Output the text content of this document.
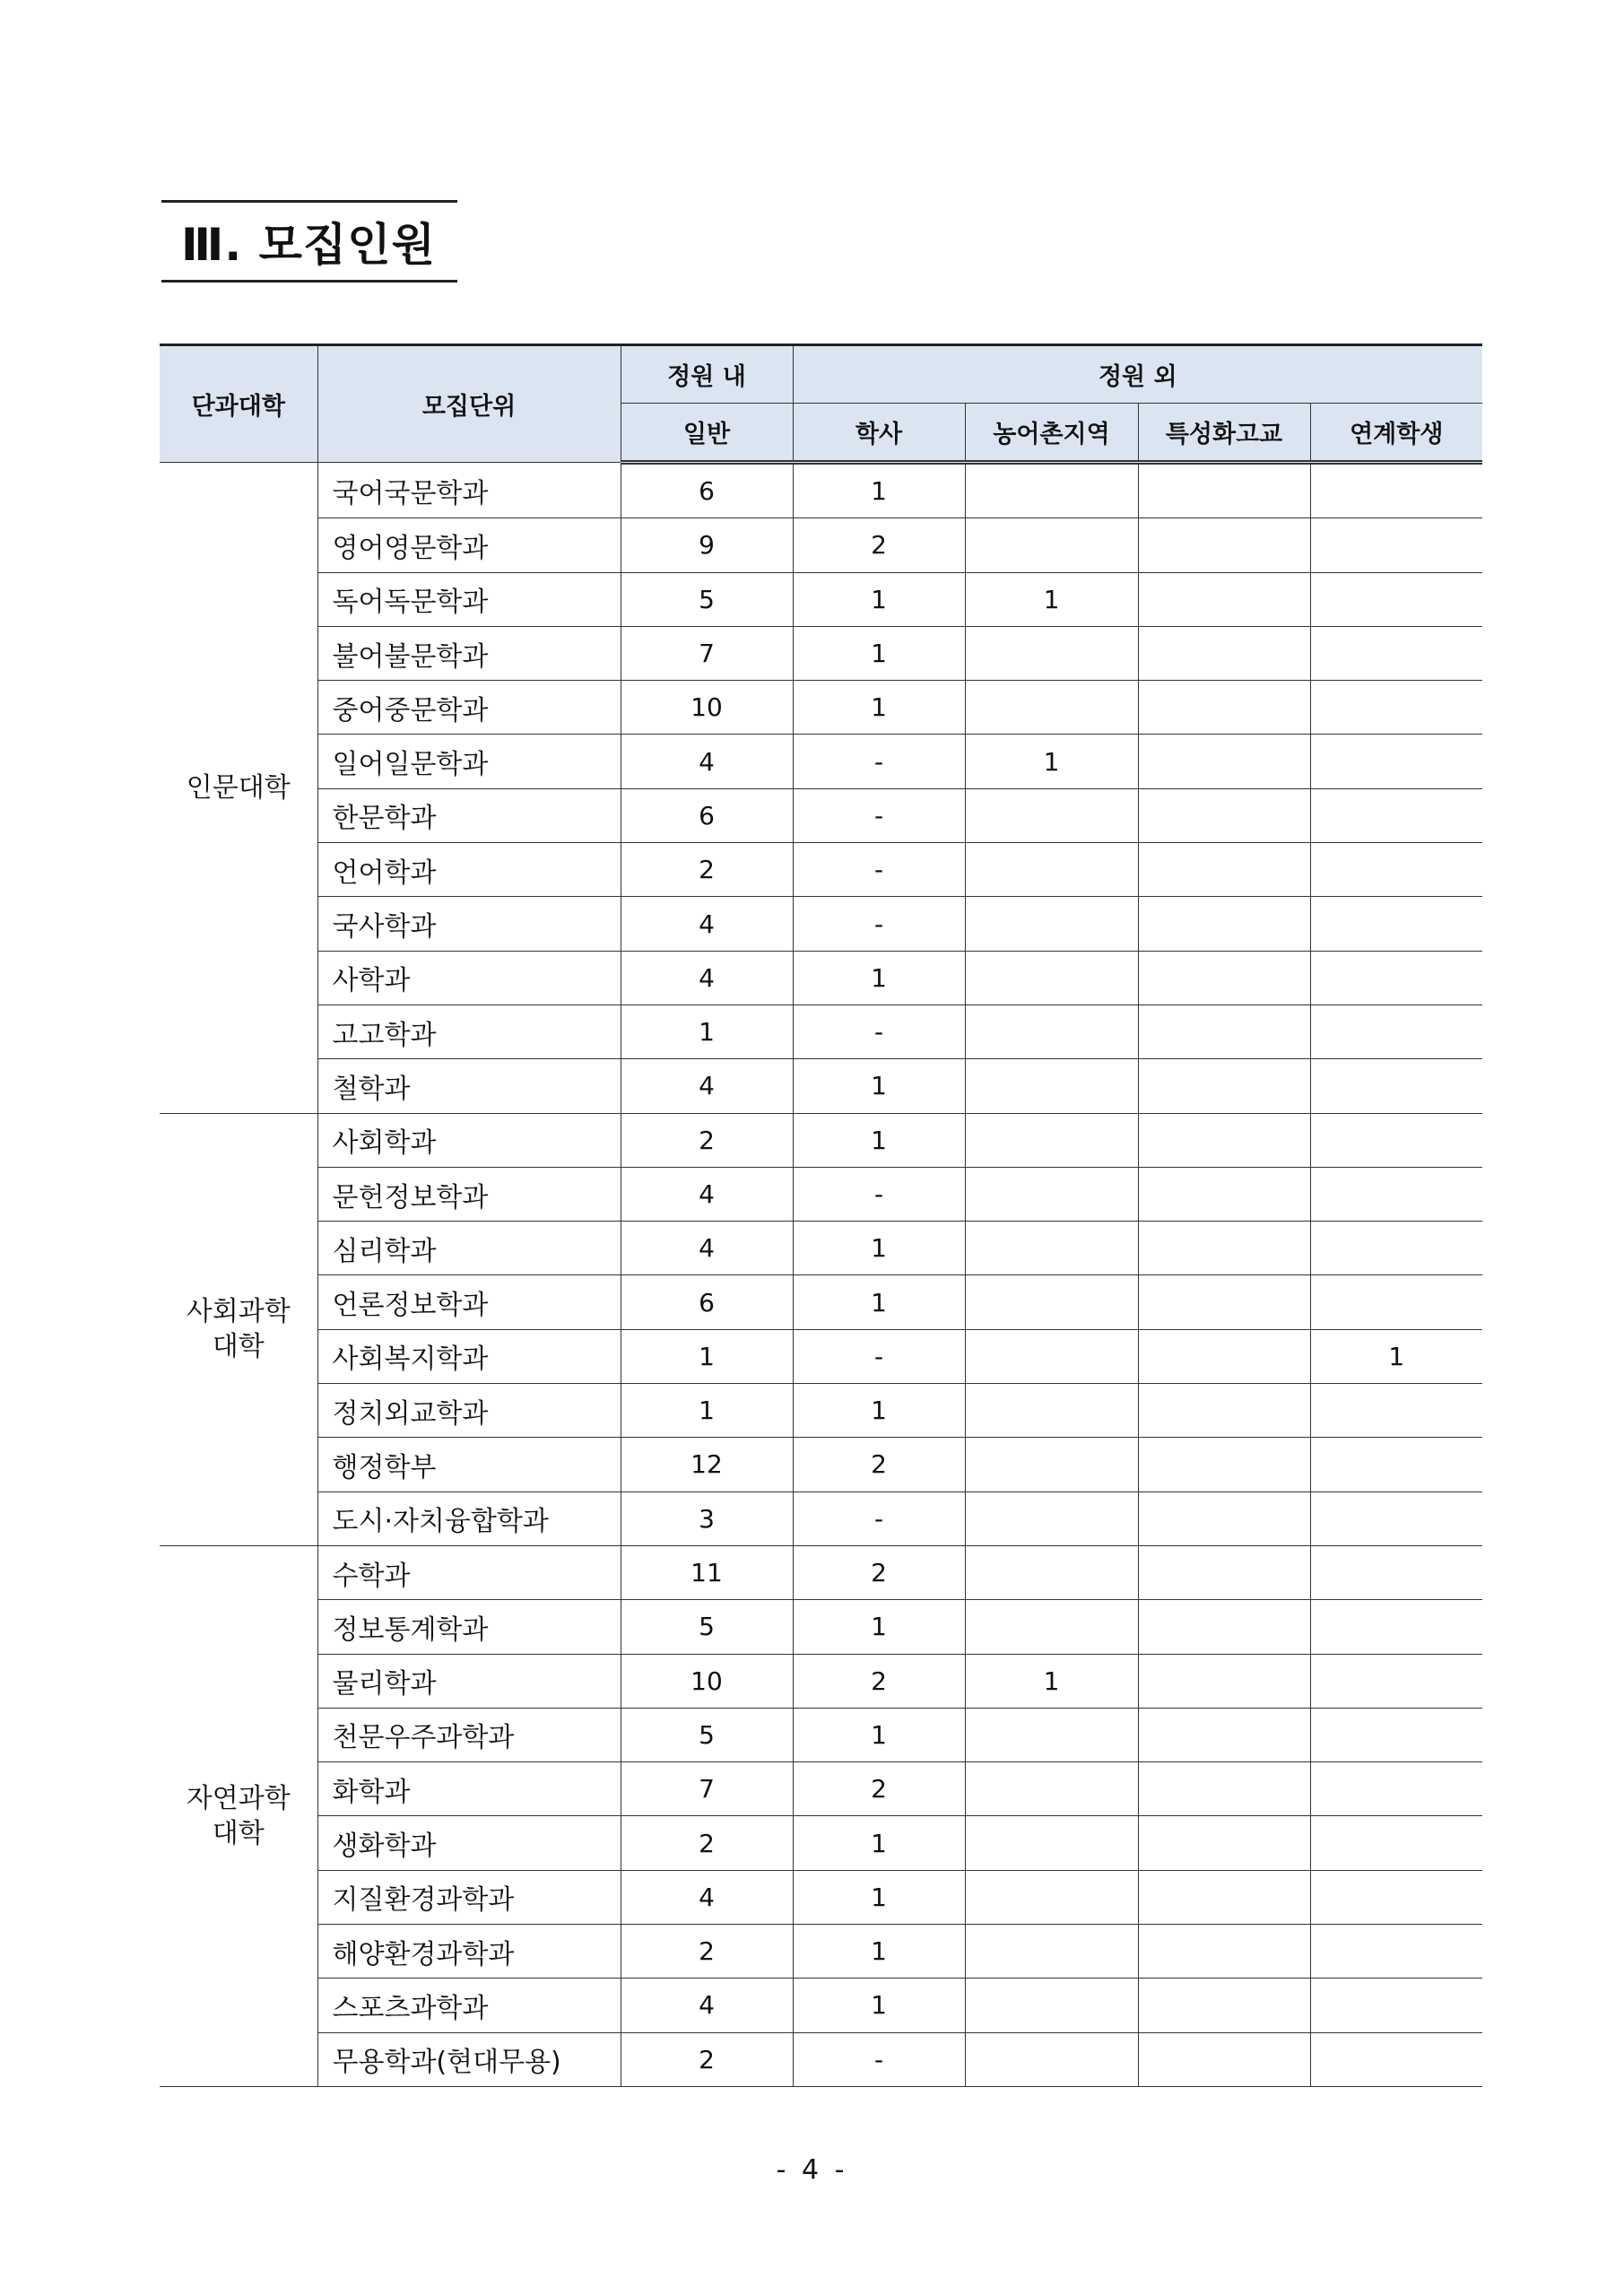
Ⅲ. 모집인원
단과대학	모집단위	정원 내	정원 외			
		일반	학사	농어촌지역	특성화고교	연계학생
인문대학	국어국문학과	6	1			
	영어영문학과	9	2			
	독어독문학과	5	1	1		
	불어불문학과	7	1			
	중어중문학과	10	1			
	일어일문학과	4	-	1		
	한문학과	6	-			
	언어학과	2	-			
	국사학과	4	-			
	사학과	4	1			
	고고학과	1	-			
	철학과	4	1			
사회과학
대학	사회학과	2	1			
	문헌정보학과	4	-			
	심리학과	4	1			
	언론정보학과	6	1			
	사회복지학과	1	-			1
	정치외교학과	1	1			
	행정학부	12	2			
	도시·자치융합학과	3	-			
자연과학
대학	수학과	11	2			
	정보통계학과	5	1			
	물리학과	10	2	1		
	천문우주과학과	5	1			
	화학과	7	2			
	생화학과	2	1			
	지질환경과학과	4	1			
	해양환경과학과	2	1			
	스포츠과학과	4	1			
	무용학과(현대무용)	2	-			
- 4 -
